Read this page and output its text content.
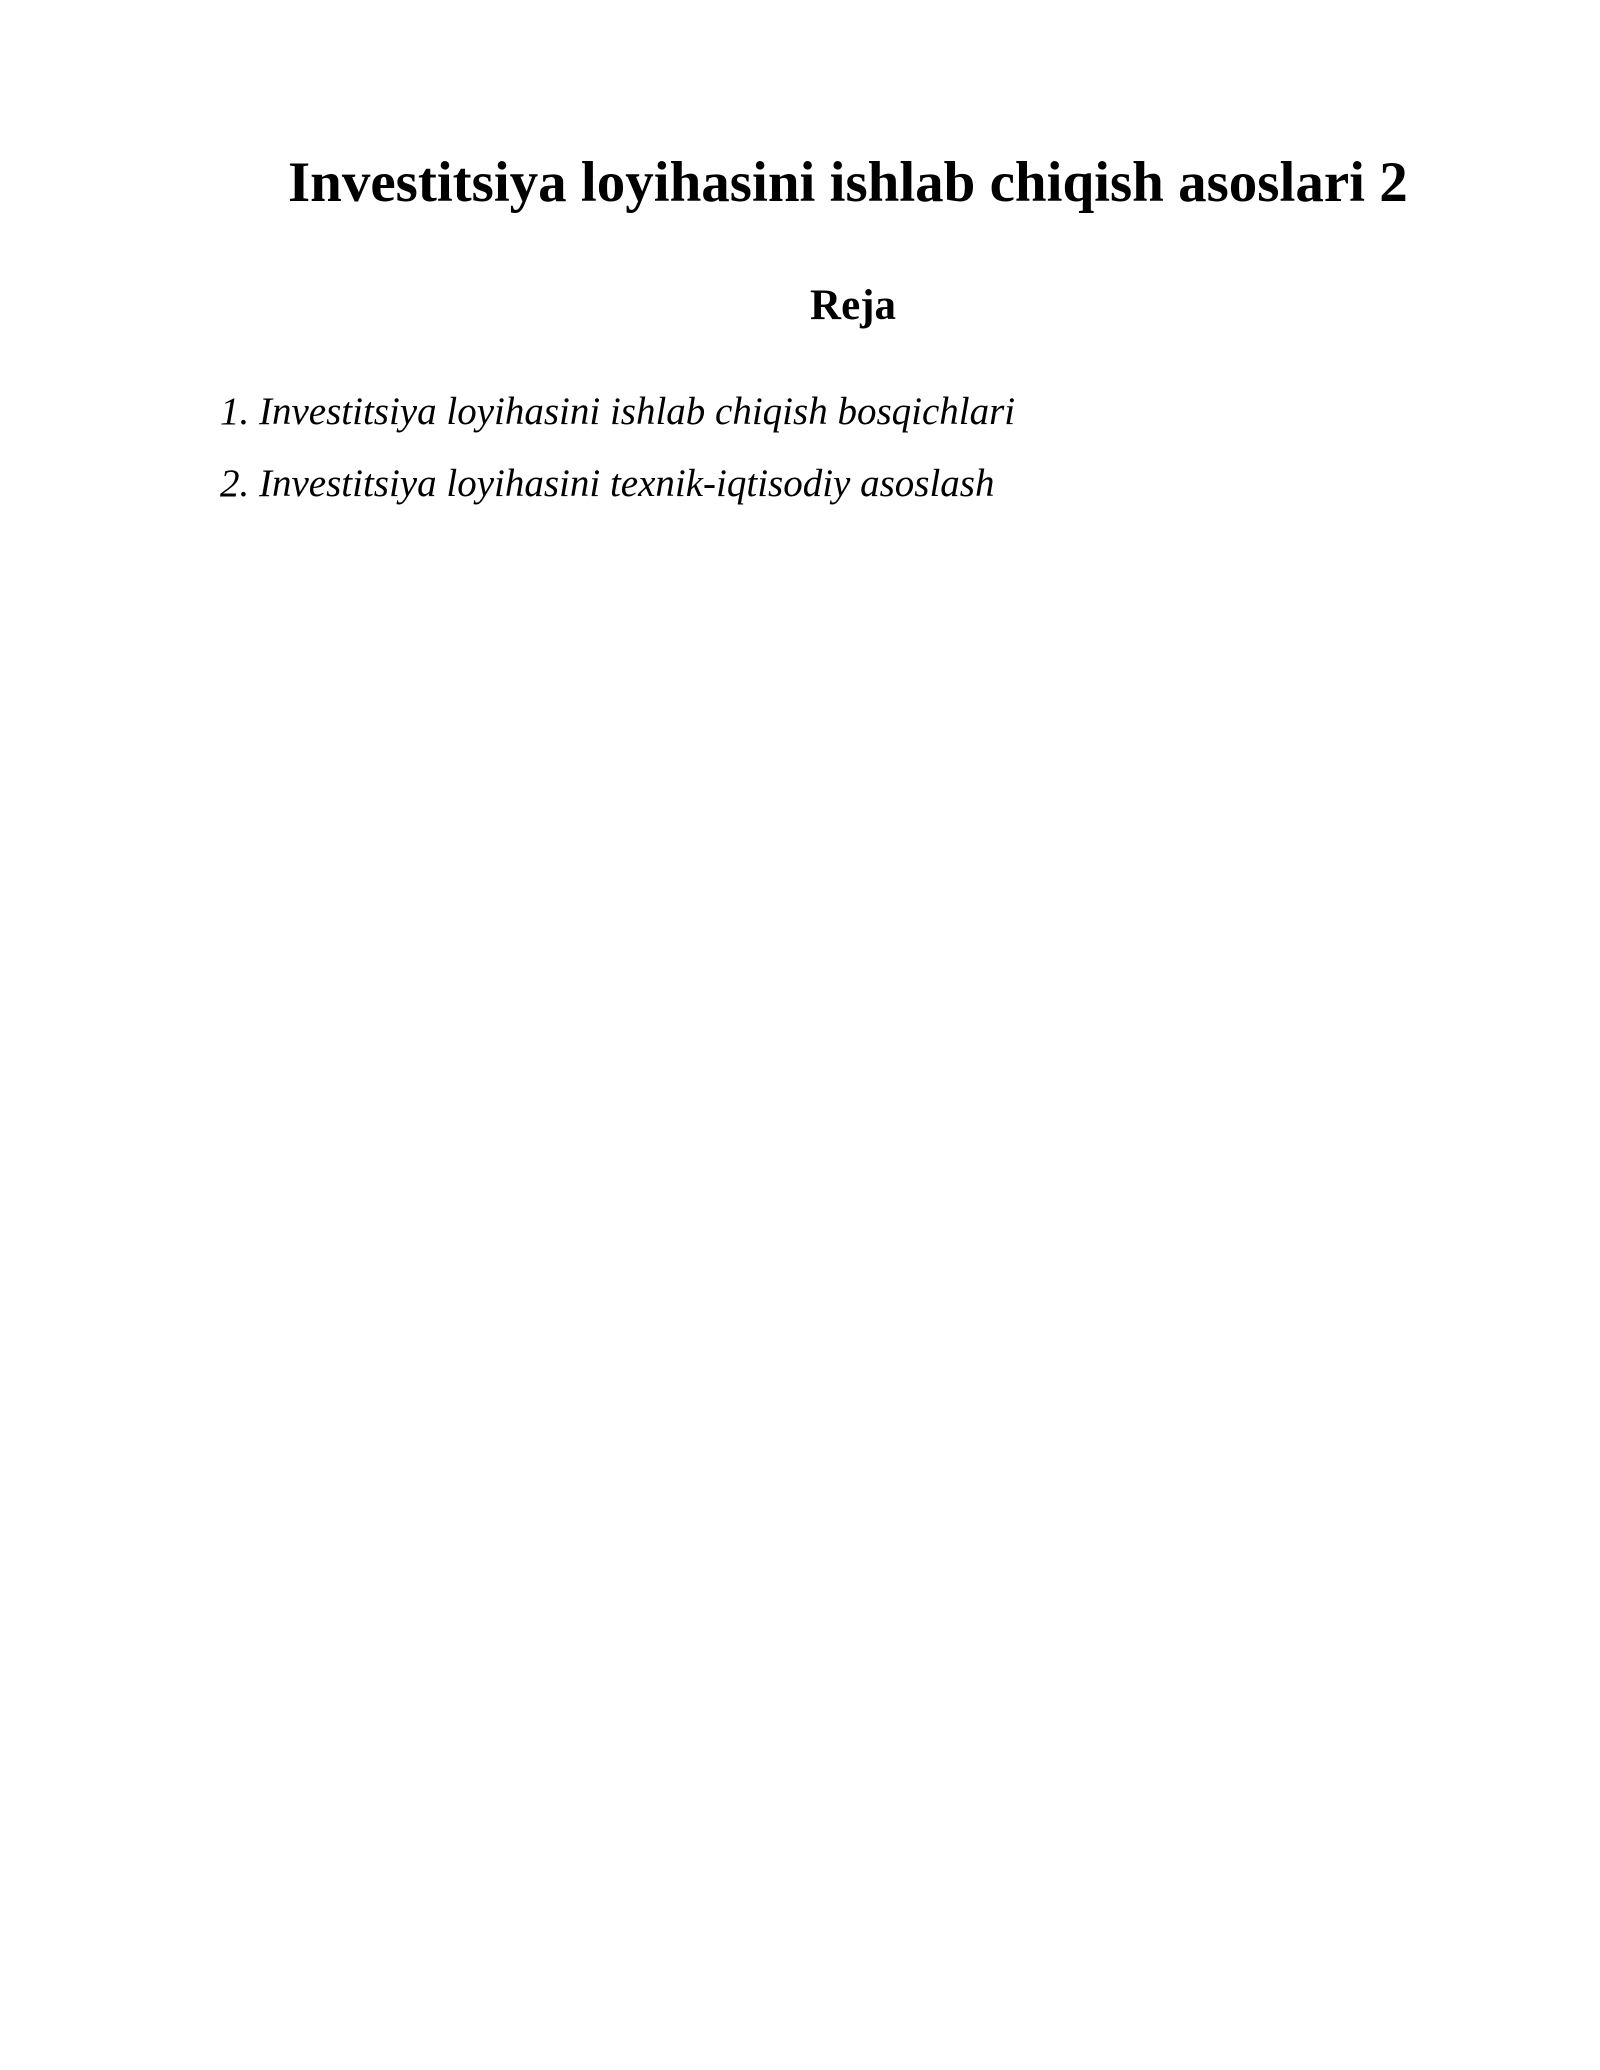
Investitsiya loyihasini ishlab chiqish asoslari 2
Reja
1. Investitsiya loyihasini ishlab chiqish bosqichlari
2. Investitsiya loyihasini texnik-iqtisodiy asoslash
